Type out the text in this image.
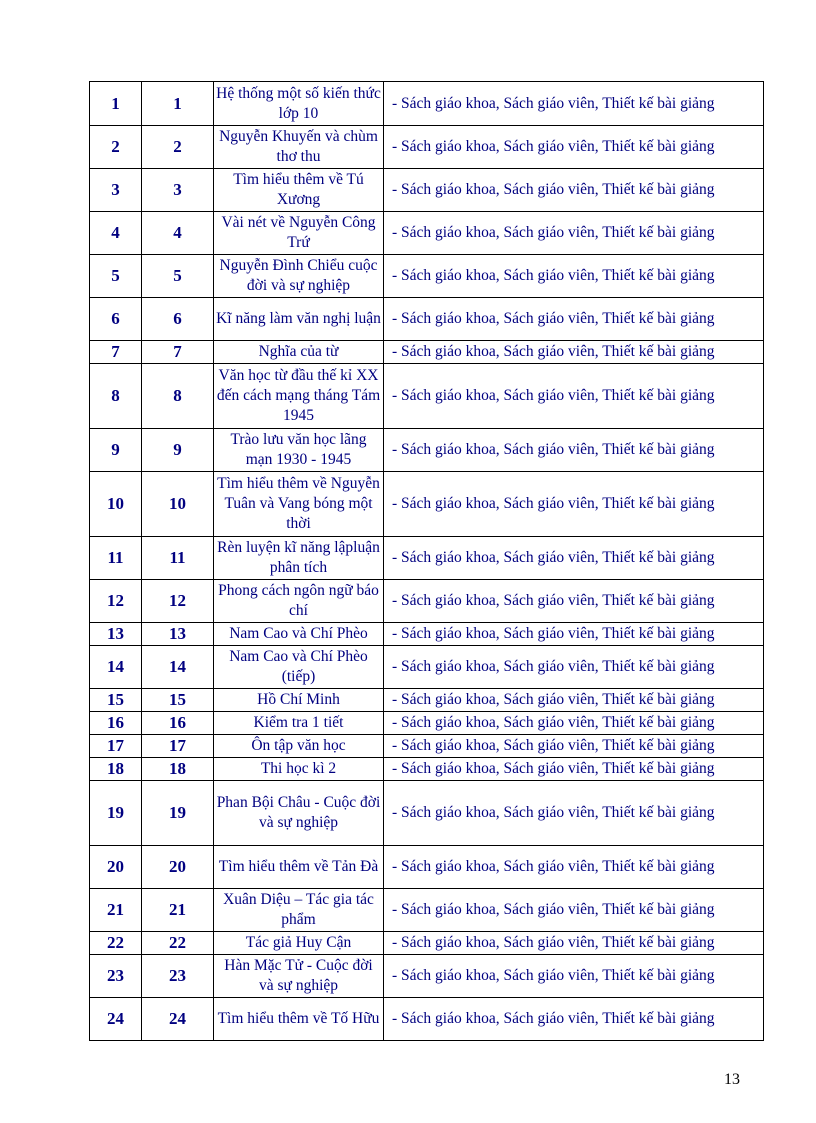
1	1	Hệ thống một số kiến thức lớp 10	- Sách giáo khoa, Sách giáo viên, Thiết kế bài giảng
2	2	Nguyễn Khuyến và chùm thơ thu	- Sách giáo khoa, Sách giáo viên, Thiết kế bài giảng
3	3	Tìm hiểu thêm về Tú Xương	- Sách giáo khoa, Sách giáo viên, Thiết kế bài giảng
4	4	Vài nét về Nguyễn Công Trứ	- Sách giáo khoa, Sách giáo viên, Thiết kế bài giảng
5	5	Nguyễn Đình Chiểu cuộc đời và sự nghiệp	- Sách giáo khoa, Sách giáo viên, Thiết kế bài giảng
6	6	Kĩ năng làm văn nghị luận	- Sách giáo khoa, Sách giáo viên, Thiết kế bài giảng
7	7	Nghĩa của từ	- Sách giáo khoa, Sách giáo viên, Thiết kế bài giảng
8	8	Văn học từ đầu thế kỉ XX đến cách mạng tháng Tám 1945	- Sách giáo khoa, Sách giáo viên, Thiết kế bài giảng
9	9	Trào lưu văn học lãng mạn 1930 - 1945	- Sách giáo khoa, Sách giáo viên, Thiết kế bài giảng
10	10	Tìm hiểu thêm về Nguyễn Tuân và Vang bóng một thời	- Sách giáo khoa, Sách giáo viên, Thiết kế bài giảng
11	11	Rèn luyện kĩ năng lậpluận phân tích	- Sách giáo khoa, Sách giáo viên, Thiết kế bài giảng
12	12	Phong cách ngôn ngữ báo chí	- Sách giáo khoa, Sách giáo viên, Thiết kế bài giảng
13	13	Nam Cao và Chí Phèo	- Sách giáo khoa, Sách giáo viên, Thiết kế bài giảng
14	14	Nam Cao và Chí Phèo (tiếp)	- Sách giáo khoa, Sách giáo viên, Thiết kế bài giảng
15	15	Hồ Chí Minh	- Sách giáo khoa, Sách giáo viên, Thiết kế bài giảng
16	16	Kiểm tra 1 tiết	- Sách giáo khoa, Sách giáo viên, Thiết kế bài giảng
17	17	Ôn tập văn học	- Sách giáo khoa, Sách giáo viên, Thiết kế bài giảng
18	18	Thi học kì 2	- Sách giáo khoa, Sách giáo viên, Thiết kế bài giảng
19	19	Phan Bội Châu - Cuộc đời và sự nghiệp	- Sách giáo khoa, Sách giáo viên, Thiết kế bài giảng
20	20	Tìm hiểu thêm về Tản Đà	- Sách giáo khoa, Sách giáo viên, Thiết kế bài giảng
21	21	Xuân Diệu – Tác gia tác phẩm	- Sách giáo khoa, Sách giáo viên, Thiết kế bài giảng
22	22	Tác giả Huy Cận	- Sách giáo khoa, Sách giáo viên, Thiết kế bài giảng
23	23	Hàn Mặc Tử - Cuộc đời và sự nghiệp	- Sách giáo khoa, Sách giáo viên, Thiết kế bài giảng
24	24	Tìm hiểu thêm về Tố Hữu	- Sách giáo khoa, Sách giáo viên, Thiết kế bài giảng
13
